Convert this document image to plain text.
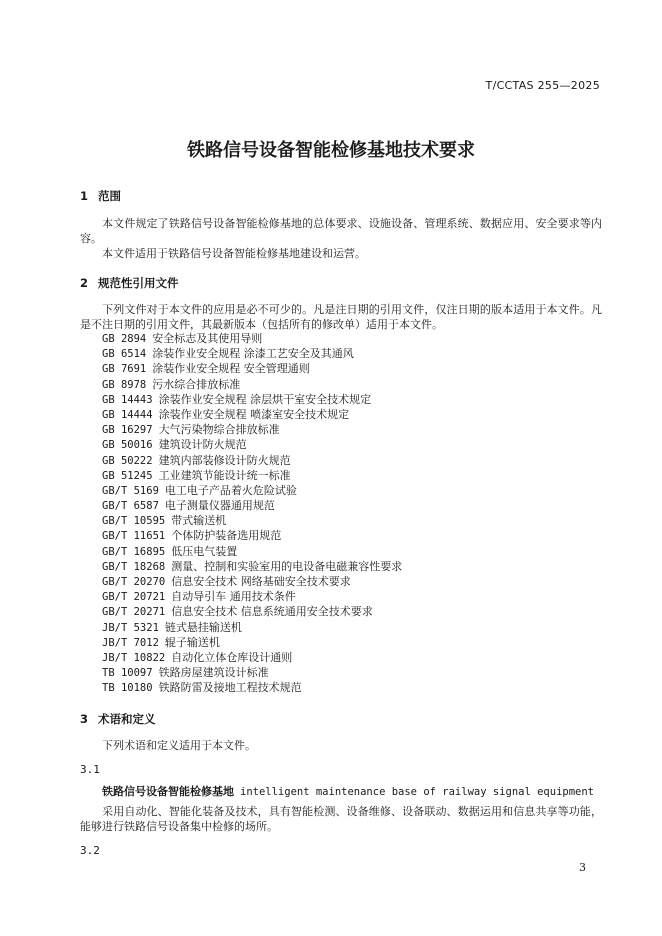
T/CCTAS 255—2025
铁路信号设备智能检修基地技术要求
1 范围
本文件规定了铁路信号设备智能检修基地的总体要求、设施设备、管理系统、数据应用、安全要求等内容。
本文件适用于铁路信号设备智能检修基地建设和运营。
2 规范性引用文件
下列文件对于本文件的应用是必不可少的。凡是注日期的引用文件，仅注日期的版本适用于本文件。凡是不注日期的引用文件，其最新版本（包括所有的修改单）适用于本文件。
GB 2894 安全标志及其使用导则
GB 6514 涂装作业安全规程 涂漆工艺安全及其通风
GB 7691 涂装作业安全规程 安全管理通则
GB 8978 污水综合排放标准
GB 14443 涂装作业安全规程 涂层烘干室安全技术规定
GB 14444 涂装作业安全规程 喷漆室安全技术规定
GB 16297 大气污染物综合排放标准
GB 50016 建筑设计防火规范
GB 50222 建筑内部装修设计防火规范
GB 51245 工业建筑节能设计统一标准
GB/T 5169 电工电子产品着火危险试验
GB/T 6587 电子测量仪器通用规范
GB/T 10595 带式输送机
GB/T 11651 个体防护装备选用规范
GB/T 16895 低压电气装置
GB/T 18268 测量、控制和实验室用的电设备电磁兼容性要求
GB/T 20270 信息安全技术 网络基础安全技术要求
GB/T 20721 自动导引车 通用技术条件
GB/T 20271 信息安全技术 信息系统通用安全技术要求
JB/T 5321 链式悬挂输送机
JB/T 7012 辊子输送机
JB/T 10822 自动化立体仓库设计通则
TB 10097 铁路房屋建筑设计标准
TB 10180 铁路防雷及接地工程技术规范
3 术语和定义
下列术语和定义适用于本文件。
3.1
铁路信号设备智能检修基地 intelligent maintenance base of railway signal equipment
采用自动化、智能化装备及技术，具有智能检测、设备维修、设备联动、数据运用和信息共享等功能，能够进行铁路信号设备集中检修的场所。
3.2
3
